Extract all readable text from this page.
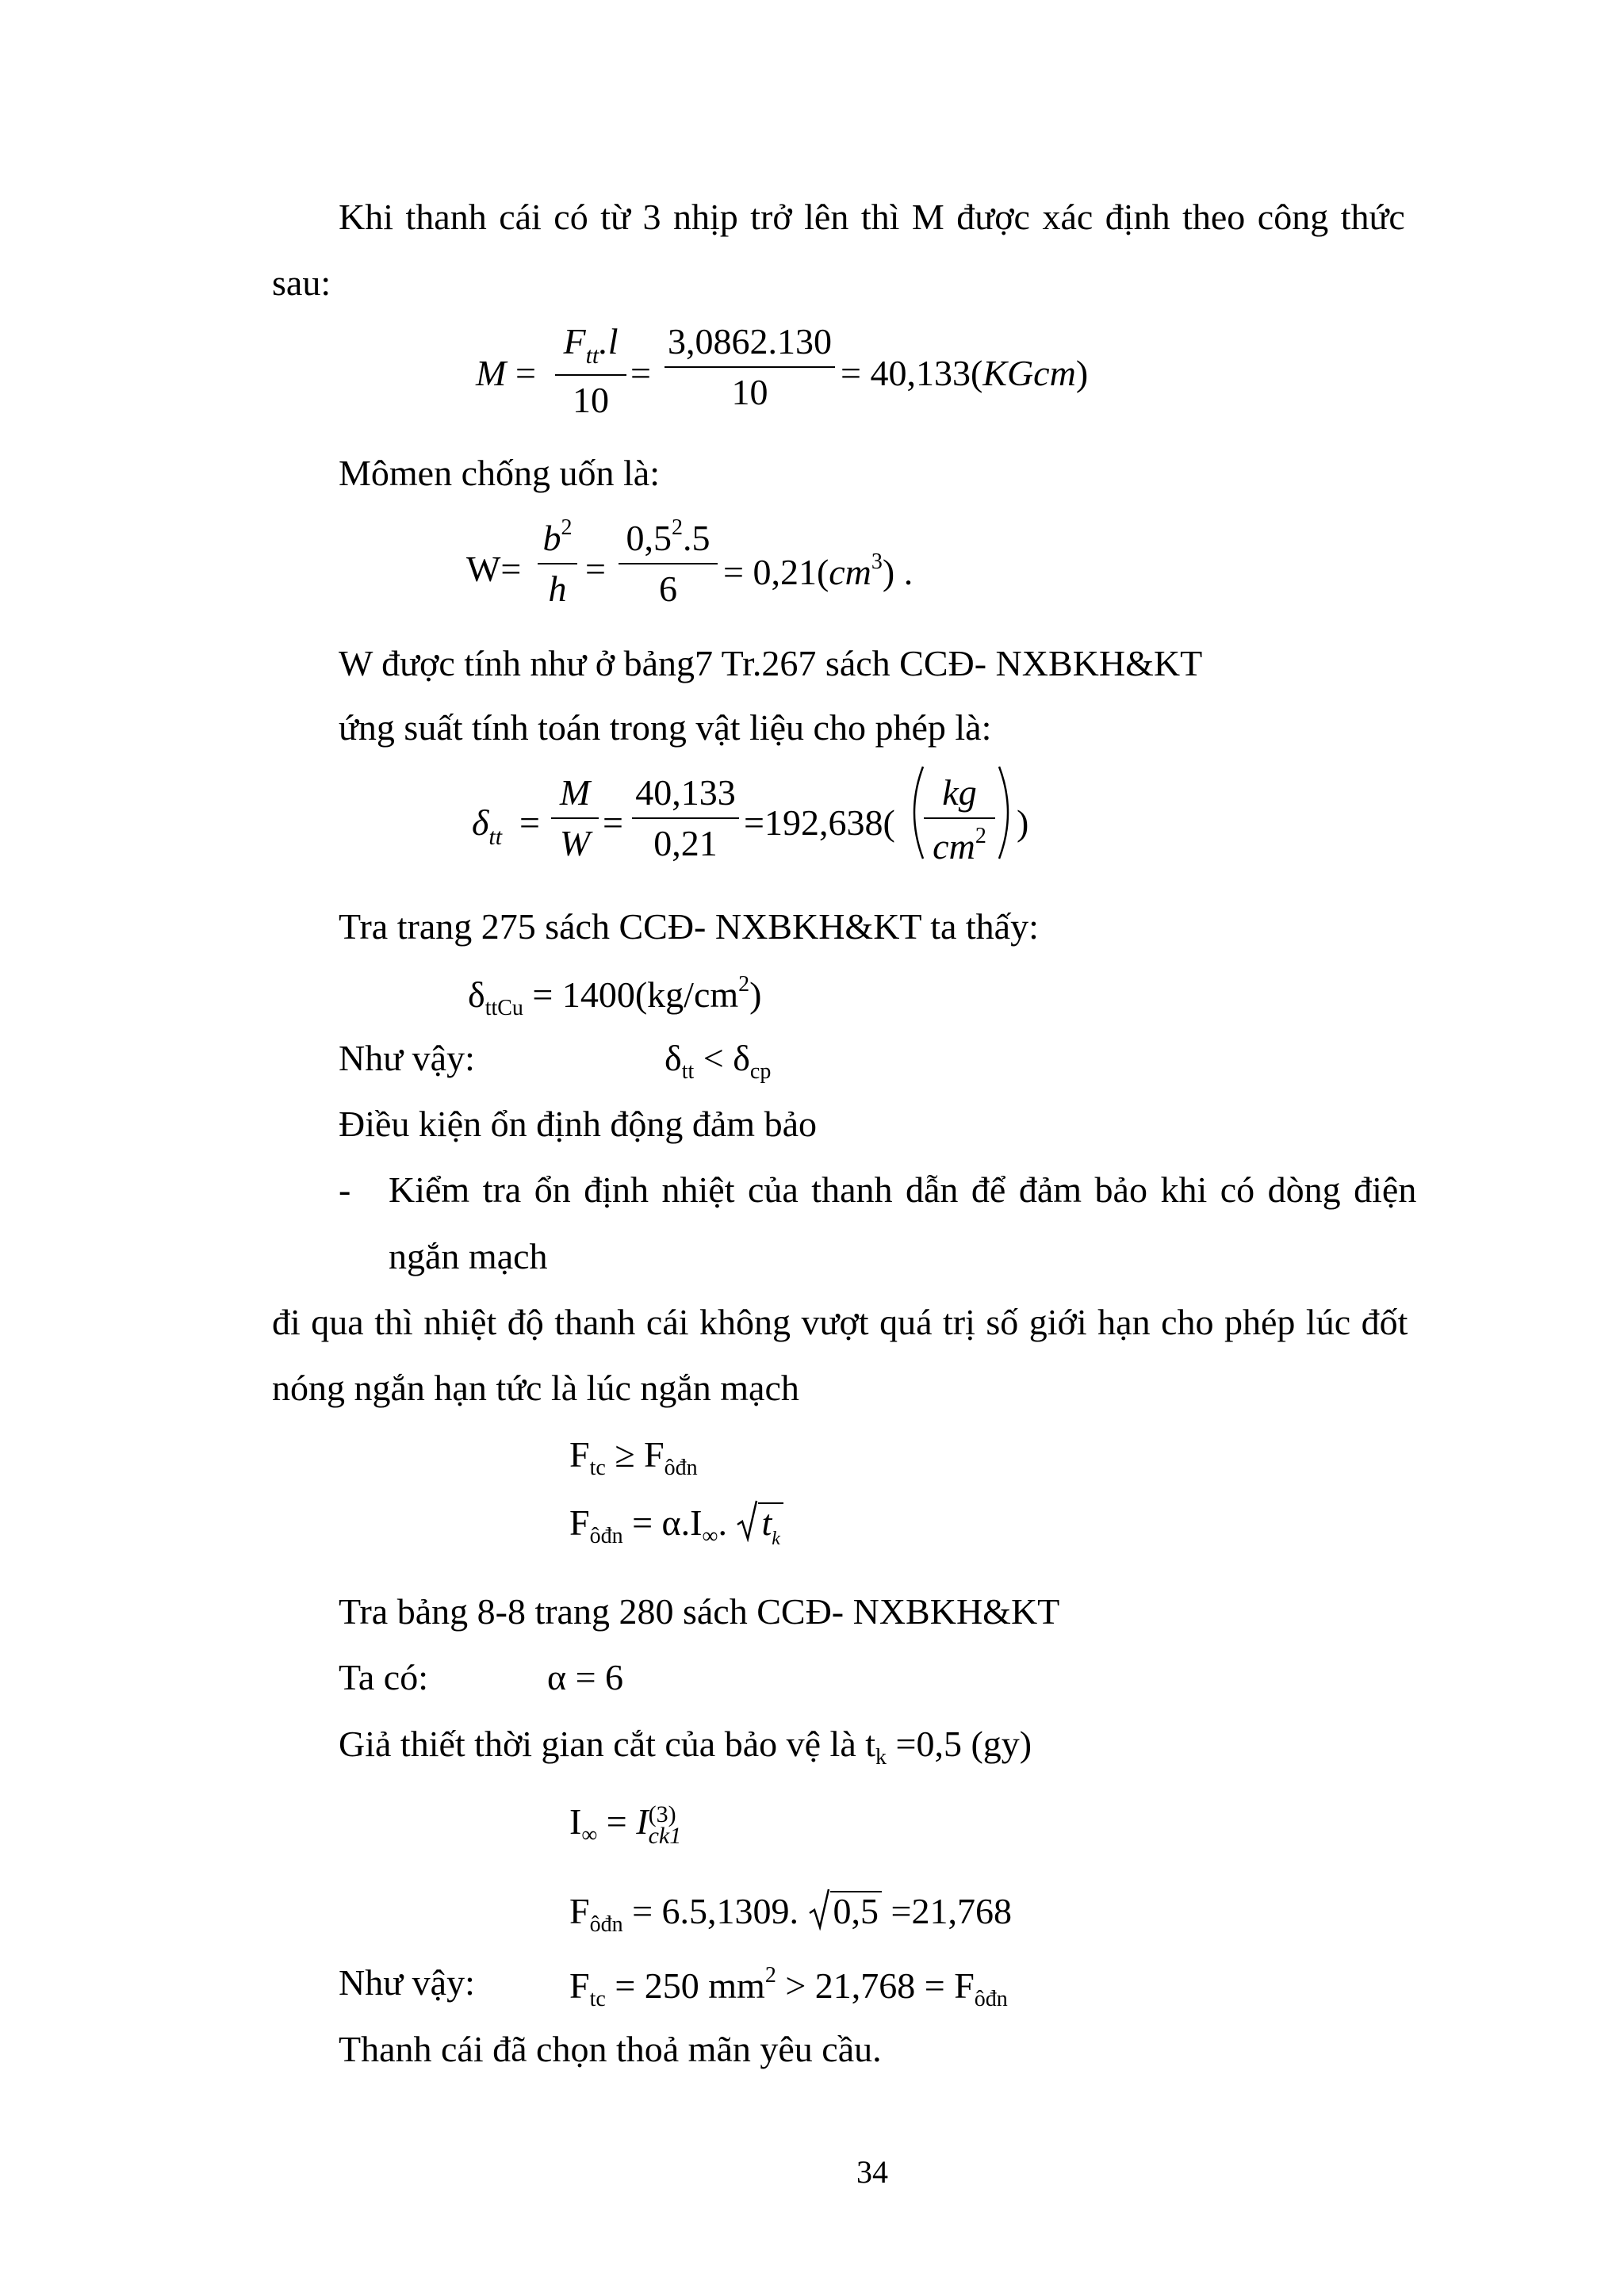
Khi thanh cái có từ 3 nhịp trở lên thì M được xác định theo công thức
sau:
M =
$F_{tt}.l$
10
=
3,0862.130
10	= 40,133(KGcm)
Mômen chống uốn là:
W=
$b^2$
h =
$0,5^2.5$
6	= $0,21(cm^3)$ .
W được tính như ở bảng7 Tr.267 sách CCĐ- NXBKH&KT
ứng suất tính toán trong vật liệu cho phép là:
$\delta_{tt}$ =
M
W
=
40,133
0,21
=192,638(
kg
$cm^2$ )
Tra trang 275 sách CCĐ- NXBKH&KT ta thấy:
$\delta_{ttCu} = 1400(kg/cm^2)$
Như vậy:	$\delta_{tt} < \delta_{cp}$
Điều kiện ổn định động đảm bảo
- Kiểm tra ổn định nhiệt của thanh dẫn để đảm bảo khi có dòng điện
ngắn mạch
đi qua thì nhiệt độ thanh cái không vượt quá trị số giới hạn cho phép lúc đốt
nóng ngắn hạn tức là lúc ngắn mạch
$F_{tc} \ge F_{ôđn}$
$F_{ôđn} = \alpha.I_\infty$. $t_k$
Tra bảng 8-8 trang 280 sách CCĐ- NXBKH&KT
Ta có:	α = 6
Giả thiết thời gian cắt của bảo vệ là $t_k =0,5$ (gy)
$I_\infty = I$ (3)
ck1
$F_{ôđn} = 6.5,1309$. 0,5 =21,768
Như vậy:	$F_{tc} = 250$ $mm^2 > 21,768 = F_{ôđn}$
Thanh cái đã chọn thoả mãn yêu cầu.
34
